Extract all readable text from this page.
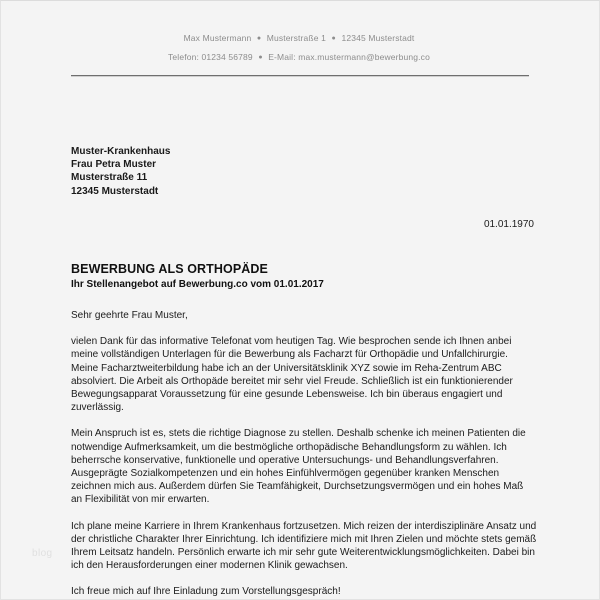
Max Mustermann ● Musterstraße 1 ● 12345 Musterstadt
Telefon: 01234 56789 ● E-Mail: max.mustermann@bewerbung.co
Muster-Krankenhaus
Frau Petra Muster
Musterstraße 11
12345 Musterstadt
01.01.1970
BEWERBUNG ALS ORTHOPÄDE
Ihr Stellenangebot auf Bewerbung.co vom 01.01.2017

Sehr geehrte Frau Muster,

vielen Dank für das informative Telefonat vom heutigen Tag. Wie besprochen sende ich Ihnen anbei meine vollständigen Unterlagen für die Bewerbung als Facharzt für Orthopädie und Unfallchirurgie. Meine Facharztweiterbildung habe ich an der Universitätsklinik XYZ sowie im Reha-Zentrum ABC absolviert. Die Arbeit als Orthopäde bereitet mir sehr viel Freude. Schließlich ist ein funktionierender Bewegungsapparat Voraussetzung für eine gesunde Lebensweise. Ich bin überaus engagiert und zuverlässig.

Mein Anspruch ist es, stets die richtige Diagnose zu stellen. Deshalb schenke ich meinen Patienten die notwendige Aufmerksamkeit, um die bestmögliche orthopädische Behandlungsform zu wählen. Ich beherrsche konservative, funktionelle und operative Untersuchungs- und Behandlungsverfahren. Ausgeprägte Sozialkompetenzen und ein hohes Einfühlvermögen gegenüber kranken Menschen zeichnen mich aus. Außerdem dürfen Sie Teamfähigkeit, Durchsetzungsvermögen und ein hohes Maß an Flexibilität von mir erwarten.

Ich plane meine Karriere in Ihrem Krankenhaus fortzusetzen. Mich reizen der interdisziplinäre Ansatz und der christliche Charakter Ihrer Einrichtung. Ich identifiziere mich mit Ihren Zielen und möchte stets gemäß Ihrem Leitsatz handeln. Persönlich erwarte ich mir sehr gute Weiterentwicklungsmöglichkeiten. Dabei bin ich den Herausforderungen einer modernen Klinik gewachsen.

Ich freue mich auf Ihre Einladung zum Vorstellungsgespräch!

blog
